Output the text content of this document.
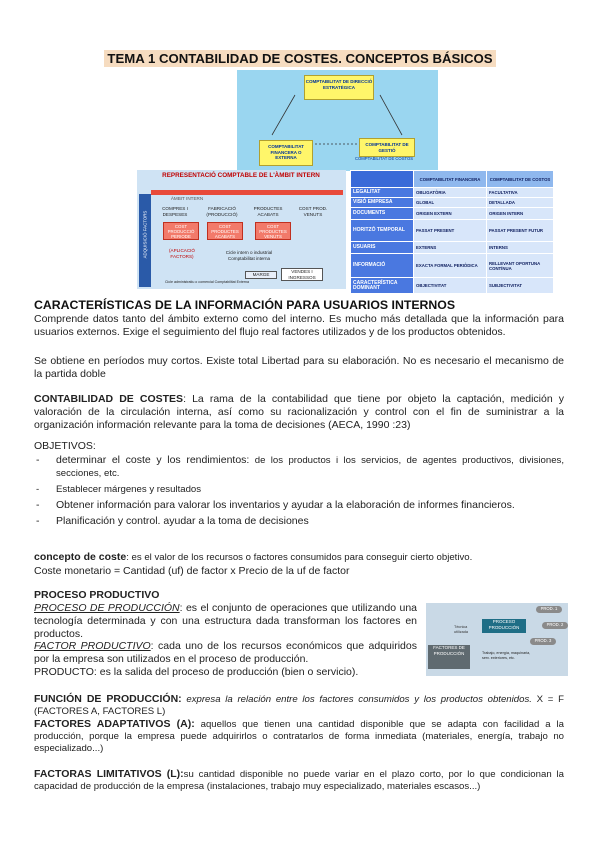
TEMA 1 CONTABILIDAD DE COSTES. CONCEPTOS BÁSICOS
COMPTABILITAT DE DIRECCIÓ ESTRATÈGICA
COMPTABILITAT FINANCERA O EXTERNA
COMPTABILITAT DE GESTIÓ
COMPTABILITAT DE COSTOS
REPRESENTACIÓ COMPTABLE DE L'ÀMBIT INTERN
ÀMBIT INTERN
ADQUISICIÓ FACTORS
COMPRES I DESPESES
FABRICACIÓ (PRODUCCIÓ)
PRODUCTES ACABATS
COST PROD. VENUTS
COST PRODUCCIÓ PERIODE
COST PRODUCTES ACABATS
COST PRODUCTES VENUTS
(APLICACIÓ FACTORS)
Cicle intern o industrial Comptabilitat interna
MARGE
VENDES I INGRESSOS
Cicle administratiu o comercial Comptabilitat Externa
	COMPTABILITAT FINANCERA	COMPTABILITAT DE COSTOS
LEGALITAT	OBLIGATÒRIA	FACULTATIVA
VISIÓ EMPRESA	GLOBAL	DETALLADA
DOCUMENTS	ORIGEN EXTERN	ORIGEN INTERN
HORITZÓ TEMPORAL	PASSAT PRESENT	PASSAT PRESENT FUTUR
USUARIS	EXTERNS	INTERNS
INFORMACIÓ	EXACTA FORMAL PERIÒDICA	RELLEVANT OPORTUNA CONTÍNUA
CARACTERÍSTICA DOMINANT	OBJECTIVITAT	SUBJECTIVITAT
CARACTERÍSTICAS DE LA INFORMACIÓN PARA USUARIOS INTERNOS
Comprende datos tanto del ámbito externo como del interno. Es mucho más detallada que la información para usuarios externos. Exige el seguimiento del flujo real factores utilizados y de los productos obtenidos.
Se obtiene en períodos muy cortos. Existe total Libertad para su elaboración. No es necesario el mecanismo de la partida doble
CONTABILIDAD DE COSTES: La rama de la contabilidad que tiene por objeto la captación, medición y valoración de la circulación interna, así como su racionalización y control con el fin de suministrar a la organización información relevante para la toma de decisiones (AECA, 1990 :23)
OBJETIVOS:
- determinar el coste y los rendimientos: de los productos i los servicios, de agentes productivos, divisiones, secciones, etc.
- Establecer márgenes y resultados
- Obtener información para valorar los inventarios y ayudar a la elaboración de informes financieros.
- Planificación y control. ayudar a la toma de decisiones
concepto de coste: es el valor de los recursos o factores consumidos para conseguir cierto objetivo.
Coste monetario = Cantidad (uf) de factor x Precio de la uf de factor
PROCESO PRODUCTIVO
PROCESO DE PRODUCCIÓN: es el conjunto de operaciones que utilizando una tecnología determinada y con una estructura dada transforman los factores en productos.
FACTOR PRODUCTIVO: cada uno de los recursos económicos que adquiridos por la empresa son utilizados en el proceso de producción.
PRODUCTO: es la salida del proceso de producción (bien o servicio).
FACTORES DE PRODUCCIÓN
Técnica utilizada
PROCESO PRODUCCIÓN
PROD. 1
PROD. 2
PROD. 3
Trabajo, energía, maquinaria, serv. exteriores, etc.
FUNCIÓN DE PRODUCCIÓN: expresa la relación entre los factores consumidos y los productos obtenidos. X = F (FACTORES A, FACTORES L)
FACTORES ADAPTATIVOS (A): aquellos que tienen una cantidad disponible que se adapta con facilidad a la producción, porque la empresa puede adquirirlos o contratarlos de forma inmediata (materiales, energía, trabajo no especializado...)
FACTORAS LIMITATIVOS (L):su cantidad disponible no puede variar en el plazo corto, por lo que condicionan la capacidad de producción de la empresa (instalaciones, trabajo muy especializado, materiales escasos...)
